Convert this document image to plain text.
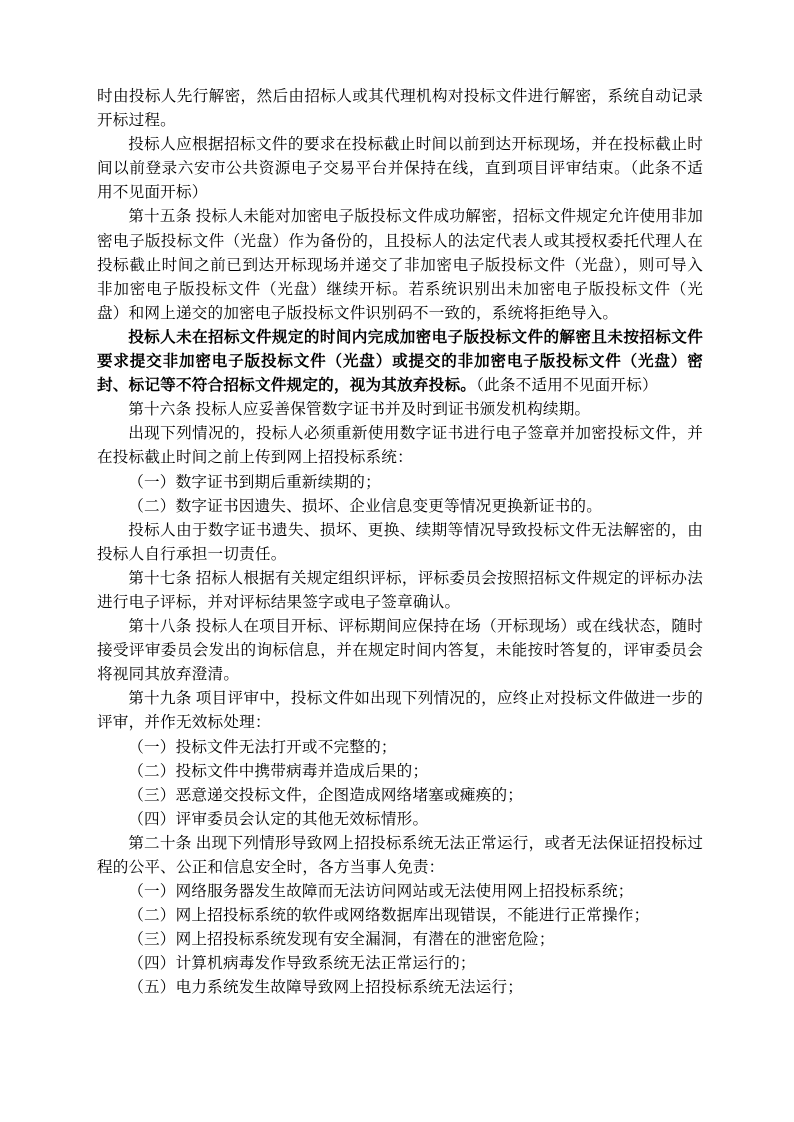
时由投标人先行解密，然后由招标人或其代理机构对投标文件进行解密，系统自动记录开标过程。

投标人应根据招标文件的要求在投标截止时间以前到达开标现场，并在投标截止时间以前登录六安市公共资源电子交易平台并保持在线，直到项目评审结束。（此条不适用不见面开标）

第十五条 投标人未能对加密电子版投标文件成功解密，招标文件规定允许使用非加密电子版投标文件（光盘）作为备份的，且投标人的法定代表人或其授权委托代理人在投标截止时间之前已到达开标现场并递交了非加密电子版投标文件（光盘），则可导入非加密电子版投标文件（光盘）继续开标。若系统识别出未加密电子版投标文件（光盘）和网上递交的加密电子版投标文件识别码不一致的，系统将拒绝导入。

投标人未在招标文件规定的时间内完成加密电子版投标文件的解密且未按招标文件要求提交非加密电子版投标文件（光盘）或提交的非加密电子版投标文件（光盘）密封、标记等不符合招标文件规定的，视为其放弃投标。（此条不适用不见面开标）

第十六条 投标人应妥善保管数字证书并及时到证书颁发机构续期。

出现下列情况的，投标人必须重新使用数字证书进行电子签章并加密投标文件，并在投标截止时间之前上传到网上招投标系统：

（一）数字证书到期后重新续期的；

（二）数字证书因遗失、损坏、企业信息变更等情况更换新证书的。

投标人由于数字证书遗失、损坏、更换、续期等情况导致投标文件无法解密的，由投标人自行承担一切责任。

第十七条 招标人根据有关规定组织评标，评标委员会按照招标文件规定的评标办法进行电子评标，并对评标结果签字或电子签章确认。

第十八条 投标人在项目开标、评标期间应保持在场（开标现场）或在线状态，随时接受评审委员会发出的询标信息，并在规定时间内答复，未能按时答复的，评审委员会将视同其放弃澄清。

第十九条 项目评审中，投标文件如出现下列情况的，应终止对投标文件做进一步的评审，并作无效标处理：

（一）投标文件无法打开或不完整的；

（二）投标文件中携带病毒并造成后果的；

（三）恶意递交投标文件，企图造成网络堵塞或瘫痪的；

（四）评审委员会认定的其他无效标情形。

第二十条 出现下列情形导致网上招投标系统无法正常运行，或者无法保证招投标过程的公平、公正和信息安全时，各方当事人免责：

（一）网络服务器发生故障而无法访问网站或无法使用网上招投标系统；

（二）网上招投标系统的软件或网络数据库出现错误，不能进行正常操作；

（三）网上招投标系统发现有安全漏洞，有潜在的泄密危险；

（四）计算机病毒发作导致系统无法正常运行的；

（五）电力系统发生故障导致网上招投标系统无法运行；
